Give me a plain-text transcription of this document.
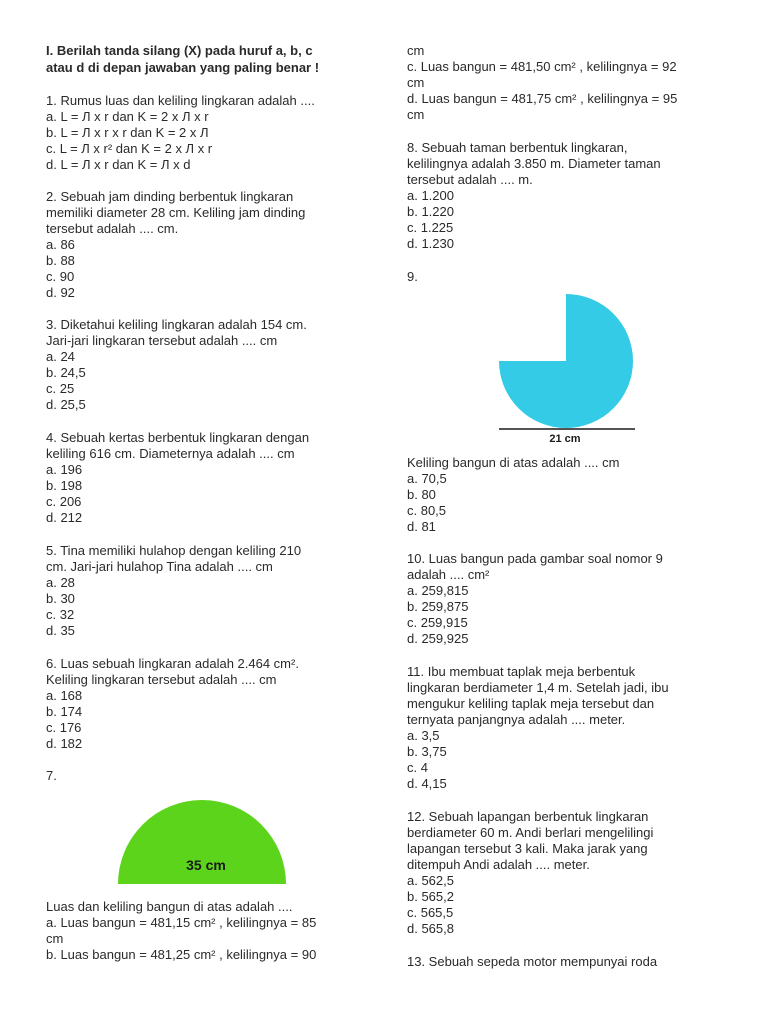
I. Berilah tanda silang (X) pada huruf a, b, c
atau d di depan jawaban yang paling benar !
1. Rumus luas dan keliling lingkaran adalah ....
a. L = Л x r dan K = 2 x Л x r
b. L = Л x r x r dan K = 2 x Л
c. L = Л x r² dan K = 2 x Л x r
d. L = Л x r dan K = Л x d
2. Sebuah jam dinding berbentuk lingkaran
memiliki diameter 28 cm. Keliling jam dinding
tersebut adalah .... cm.
a. 86
b. 88
c. 90
d. 92
3. Diketahui keliling lingkaran adalah 154 cm.
Jari-jari lingkaran tersebut adalah .... cm
a. 24
b. 24,5
c. 25
d. 25,5
4. Sebuah kertas berbentuk lingkaran dengan
keliling 616 cm. Diameternya adalah .... cm
a. 196
b. 198
c. 206
d. 212
5. Tina memiliki hulahop dengan keliling 210
cm. Jari-jari hulahop Tina adalah .... cm
a. 28
b. 30
c. 32
d. 35
6. Luas sebuah lingkaran adalah 2.464 cm².
Keliling lingkaran tersebut adalah .... cm
a. 168
b. 174
c. 176
d. 182
7.
35 cm
Luas dan keliling bangun di atas adalah ....
a. Luas bangun = 481,15 cm² , kelilingnya = 85
cm
b. Luas bangun = 481,25 cm² , kelilingnya = 90
cm
c. Luas bangun = 481,50 cm² , kelilingnya = 92
cm
d. Luas bangun = 481,75 cm² , kelilingnya = 95
cm
8. Sebuah taman berbentuk lingkaran,
kelilingnya adalah 3.850 m. Diameter taman
tersebut adalah .... m.
a. 1.200
b. 1.220
c. 1.225
d. 1.230
9.
21 cm
Keliling bangun di atas adalah .... cm
a. 70,5
b. 80
c. 80,5
d. 81
10. Luas bangun pada gambar soal nomor 9
adalah .... cm²
a. 259,815
b. 259,875
c. 259,915
d. 259,925
11. Ibu membuat taplak meja berbentuk
lingkaran berdiameter 1,4 m. Setelah jadi, ibu
mengukur keliling taplak meja tersebut dan
ternyata panjangnya adalah .... meter.
a. 3,5
b. 3,75
c. 4
d. 4,15
12. Sebuah lapangan berbentuk lingkaran
berdiameter 60 m. Andi berlari mengelilingi
lapangan tersebut 3 kali. Maka jarak yang
ditempuh Andi adalah .... meter.
a. 562,5
b. 565,2
c. 565,5
d. 565,8
13. Sebuah sepeda motor mempunyai roda
